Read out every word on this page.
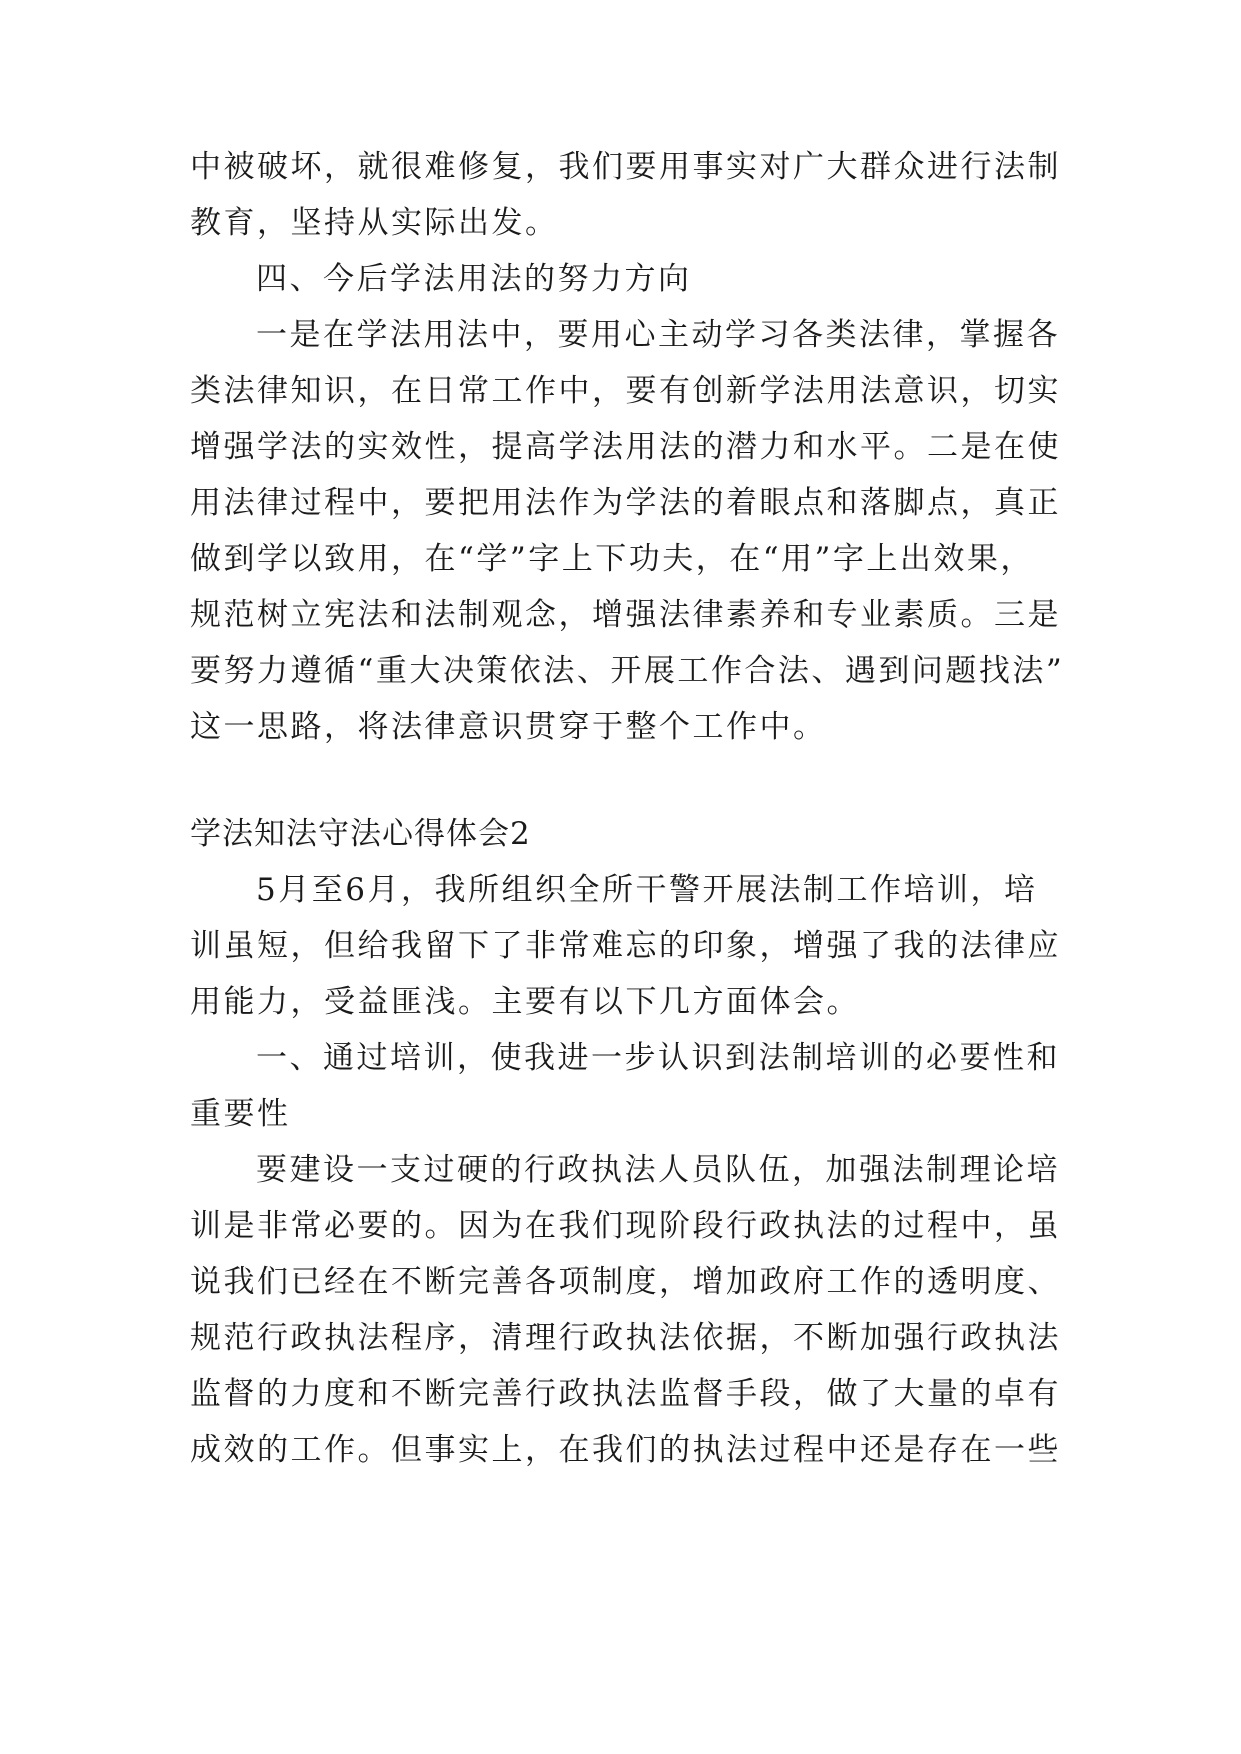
中被破坏，就很难修复，我们要用事实对广大群众进行法制
教育，坚持从实际出发。
四、今后学法用法的努力方向
一是在学法用法中，要用心主动学习各类法律，掌握各
类法律知识，在日常工作中，要有创新学法用法意识，切实
增强学法的实效性，提高学法用法的潜力和水平。二是在使
用法律过程中，要把用法作为学法的着眼点和落脚点，真正
做到学以致用，在“学”字上下功夫，在“用”字上出效果，
规范树立宪法和法制观念，增强法律素养和专业素质。三是
要努力遵循“重大决策依法、开展工作合法、遇到问题找法”
这一思路，将法律意识贯穿于整个工作中。
学法知法守法心得体会2
5月至6月，我所组织全所干警开展法制工作培训，培
训虽短，但给我留下了非常难忘的印象，增强了我的法律应
用能力，受益匪浅。主要有以下几方面体会。
一、通过培训，使我进一步认识到法制培训的必要性和
重要性
要建设一支过硬的行政执法人员队伍，加强法制理论培
训是非常必要的。因为在我们现阶段行政执法的过程中，虽
说我们已经在不断完善各项制度，增加政府工作的透明度、
规范行政执法程序，清理行政执法依据，不断加强行政执法
监督的力度和不断完善行政执法监督手段，做了大量的卓有
成效的工作。但事实上，在我们的执法过程中还是存在一些
